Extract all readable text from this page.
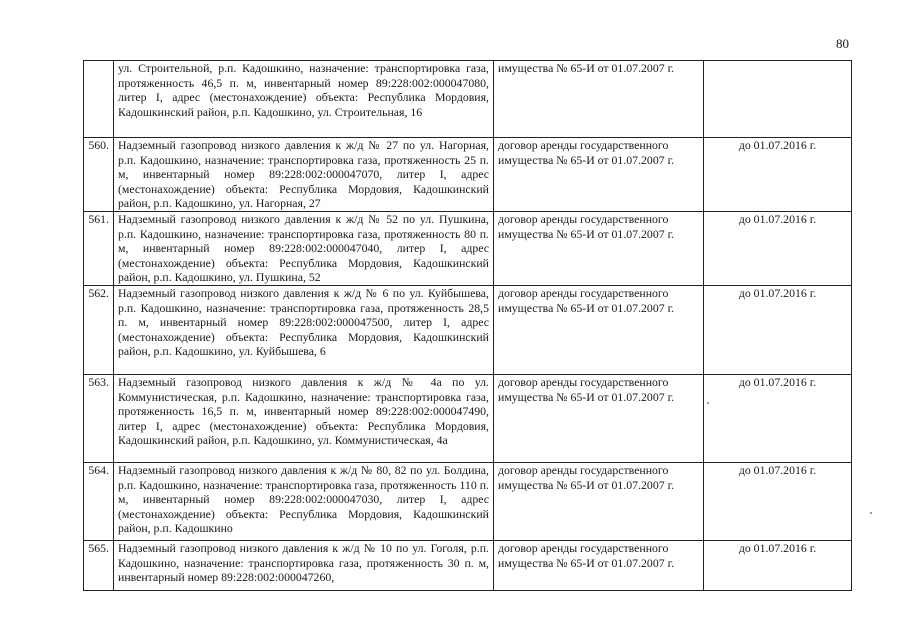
80
	ул. Строительной, р.п. Кадошкино, назначение: транспортировка газа, протяженность 46,5 п. м, инвентарный номер 89:228:002:000047080, литер I, адрес (местонахождение) объекта: Республика Мордовия, Кадошкинский район, р.п. Кадошкино, ул. Строительная, 16	имущества № 65-И от 01.07.2007 г.	
560.	Надземный газопровод низкого давления к ж/д № 27 по ул. Нагорная, р.п. Кадошкино, назначение: транспортировка газа, протяженность 25 п. м, инвентарный номер 89:228:002:000047070, литер I, адрес (местонахождение) объекта: Республика Мордовия, Кадошкинский район, р.п. Кадошкино, ул. Нагорная, 27	договор аренды государственного имущества № 65-И от 01.07.2007 г.	до 01.07.2016 г.
561.	Надземный газопровод низкого давления к ж/д № 52 по ул. Пушкина, р.п. Кадошкино, назначение: транспортировка газа, протяженность 80 п. м, инвентарный номер 89:228:002:000047040, литер I, адрес (местонахождение) объекта: Республика Мордовия, Кадошкинский район, р.п. Кадошкино, ул. Пушкина, 52	договор аренды государственного имущества № 65-И от 01.07.2007 г.	до 01.07.2016 г.
562.	Надземный газопровод низкого давления к ж/д № 6 по ул. Куйбышева, р.п. Кадошкино, назначение: транспортировка газа, протяженность 28,5 п. м, инвентарный номер 89:228:002:000047500, литер I, адрес (местонахождение) объекта: Республика Мордовия, Кадошкинский район, р.п. Кадошкино, ул. Куйбышева, 6	договор аренды государственного имущества № 65-И от 01.07.2007 г.	до 01.07.2016 г.
563.	Надземный газопровод низкого давления к ж/д № 4а по ул. Коммунистическая, р.п. Кадошкино, назначение: транспортировка газа, протяженность 16,5 п. м, инвентарный номер 89:228:002:000047490, литер I, адрес (местонахождение) объекта: Республика Мордовия, Кадошкинский район, р.п. Кадошкино, ул. Коммунистическая, 4а	договор аренды государственного имущества № 65-И от 01.07.2007 г.	до 01.07.2016 г.
564.	Надземный газопровод низкого давления к ж/д № 80, 82 по ул. Болдина, р.п. Кадошкино, назначение: транспортировка газа, протяженность 110 п. м, инвентарный номер 89:228:002:000047030, литер I, адрес (местонахождение) объекта: Республика Мордовия, Кадошкинский район, р.п. Кадошкино	договор аренды государственного имущества № 65-И от 01.07.2007 г.	до 01.07.2016 г.
565.	Надземный газопровод низкого давления к ж/д № 10 по ул. Гоголя, р.п. Кадошкино, назначение: транспортировка газа, протяженность 30 п. м, инвентарный номер 89:228:002:000047260,	договор аренды государственного имущества № 65-И от 01.07.2007 г.	до 01.07.2016 г.
